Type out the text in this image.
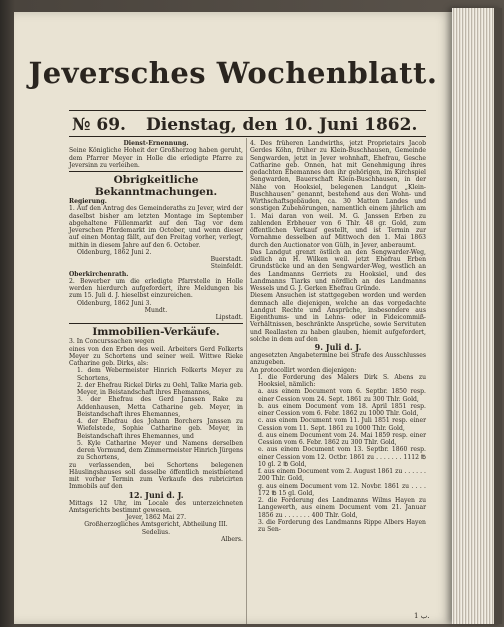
Jeversches Wochenblatt.
№ 69. Dienstag, den 10. Juni 1862.

Dienst-Ernennung.

Seine Königliche Hoheit der Großherzog haben geruht, dem Pfarrer Meyer in Holle die erledigte Pfarre zu Jeversinn zu verleihen.

Obrigkeitliche Bekanntmachungen.

Regierung.

1. Auf den Antrag des Gemeinderaths zu Jever, wird der daselbst bisher am letzten Montage im September abgehaltene Füllenmarkt auf den Tag vor dem Jeverschen Pferdemarkt im October, und wenn dieser auf einen Montag fällt, auf den Freitag vorher, verlegt, mithin in diesem Jahre auf den 6. October.

Oldenburg, 1862 Juni 2.

Buerstadt.

Steinfeldt.

Oberkirchenrath.

2. Bewerber um die erledigte Pfarrstelle in Holle werden hierdurch aufgefordert, ihre Meldungen bis zum 15. Juli d. J. hieselbst einzureichen.

Oldenburg, 1862 Juni 3.

Mundt.

Lipstadt.

Immobilien-Verkäufe.

3. In Concurssachen wegen

eines von den Erben des weil. Arbeiters Gerd Folkerts Meyer zu Schortens und seiner weil. Wittwe Rieke Catharine geb. Dirks, als:

1. dem Webermeister Hinrich Folkerts Meyer zu Schortens,

2. der Ehefrau Rickel Dirks zu Oehl, Talke Maria geb. Meyer, in Beistandschaft ihres Ehemannes,

3. der Ehefrau des Gerd Janssen Rake zu Addenhausen, Metta Catharine geb. Meyer, in Beistandschaft ihres Ehemannes,

4. der Ehefrau des Johann Borchers Janssen zu Wiefelstede, Sophie Catharine geb. Meyer, in Beistandschaft ihres Ehemannes, und

5. Kyle Catharine Meyer und Namens derselben deren Vormund, dem Zimmermeister Hinrich Jürgens zu Schortens,

zu verlassenden, bei Schortens belegenen Häuslingshauses soll dasselbe öffentlich meistbietend mit vorher Termin zum Verkaufe des rubricirten Immobils auf den

12. Juni d. J.

Mittags 12 Uhr, im Locale des unterzeichneten Amtsgerichts bestimmt gewesen.

Jever, 1862 Mai 27.

Großherzogliches Amtsgericht, Abtheilung III.

Sedelius.

Albers.

4. Des früheren Landwirths, jetzt Proprietairs Jacob Gerdes Köhn, früher zu Klein-Buschhausen, Gemeinde Sengwarden, jetzt in Jever wohnhaft, Ehefrau, Gesche Catharine geb. Onnen, hat mit Genehmigung ihres gedachten Ehemannes den ihr gehörigen, im Kirchspiel Sengwarden, Bauerschaft Klein-Buschhausen, in der Nähe von Hooksiel, belegenen Landgut „Klein-Buschhausen“ genannt, bestehend aus den Wohn- und Wirthschaftsgebäuden, ca. 30 Matten Landes und sonstigen Zubehörungen, namentlich einem jährlich am 1. Mai daran von weil. M. G. Janssen Erben zu zahlenden Erbheuer von 6 Thlr. 48 gr. Gold, zum öffentlichen Verkauf gestellt, und ist Termin zur Vornahme desselben auf Mittwoch den 1. Mai 1863 durch den Auctionator von Gülh, in Jever, anberaumt.

Das Landgut grenzt östlich an den Sengwarder-Weg, südlich an H. Wilken weil. jetzt Ehefrau Erben Grundstücke und an den Sengwarder-Weg, westlich an des Landmanns Gerriets zu Hooksiel, und des Landmanns Tiarks und nördlich an des Landmanns Wessels und G. J. Gerken Ehefrau Gründe.

Diesem Ansuchen ist stattgegeben worden und werden demnach alle diejenigen, welche an das vorgedachte Landgut Rechte und Ansprüche, insbesondere aus Eigenthums- und in Lehns- oder in Fideicommiß-Verhältnissen, beschränkte Ansprüche, sowie Servituten und Reallasten zu haben glauben, hiemit aufgefordert, solche in dem auf den

9. Juli d. J.

angesetzten Angabetermine bei Strafe des Ausschlusses anzugeben.

An protocollirt worden diejenigen:

I. die Forderung des Malers Dirk S. Abens zu Hooksiel, nämlich:

a. aus einem Document vom 6. Septbr. 1850 resp. einer Cession vom 24. Sept. 1861 zu 300 Thlr. Gold,

b. aus einem Document vom 18. April 1851 resp. einer Cession vom 6. Febr. 1862 zu 1000 Thlr. Gold,

c. aus einem Document vom 11. Juli 1851 resp. einer Cession vom 11. Sept. 1861 zu 1000 Thlr. Gold,

d. aus einem Document vom 24. Mai 1859 resp. einer Cession vom 6. Febr. 1862 zu 300 Thlr. Gold,

e. aus einem Document vom 13. Septbr. 1860 resp. einer Cession vom 12. Octbr. 1861 zu . . . . . . . 1112 ℔ 10 gl. 2 ℔ Gold,

f. aus einem Document vom 2. August 1861 zu . . . . . . 200 Thlr. Gold,

g. aus einem Document vom 12. Novbr. 1861 zu . . . . 172 ℔ 15 gl. Gold,

2. die Forderung des Landmanns Wilms Hayen zu Langewerth, aus einem Document vom 21. Januar 1856 zu . . . . . . . 400 Thlr. Gold,

3. die Forderung des Landmanns Rippe Albers Hayen zu Sen-

ب 1.
